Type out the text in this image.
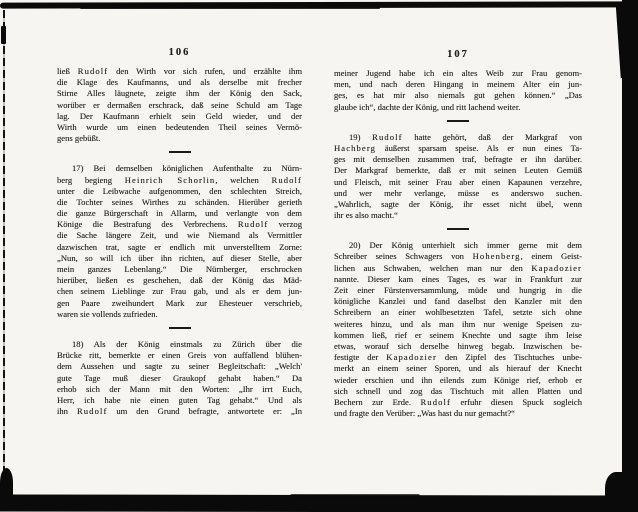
106
ließ Rudolf den Wirth vor sich rufen, und erzählte ihm
die Klage des Kaufmanns, und als derselbe mit frecher
Stirne Alles läugnete, zeigte ihm der König den Sack,
worüber er dermaßen erschrack, daß seine Schuld am Tage
lag. Der Kaufmann erhielt sein Geld wieder, und der
Wirth wurde um einen bedeutenden Theil seines Vermö-
gens gebüßt.
17) Bei demselben königlichen Aufenthalte zu Nürn-
berg begieng Heinrich Schorlin, welchen Rudolf
unter die Leibwache aufgenommen, den schlechten Streich,
die Tochter seines Wirthes zu schänden. Hierüber gerieth
die ganze Bürgerschaft in Allarm, und verlangte von dem
Könige die Bestrafung des Verbrechens. Rudolf verzog
die Sache längere Zeit, und wie Niemand als Vermittler
dazwischen trat, sagte er endlich mit unverstelltem Zorne:
„Nun, so will ich über ihn richten, auf dieser Stelle, aber
mein ganzes Lebenlang.“ Die Nürnberger, erschrocken
hierüber, ließen es geschehen, daß der König das Mäd-
chen seinem Lieblinge zur Frau gab, und als er dem jun-
gen Paare zweihundert Mark zur Ehesteuer verschrieb,
waren sie vollends zufrieden.
18) Als der König einstmals zu Zürich über die
Brücke ritt, bemerkte er einen Greis von auffallend blühen-
dem Aussehen und sagte zu seiner Begleitschaft: „Welch'
gute Tage muß dieser Graukopf gehabt haben.“ Da
erhob sich der Mann mit den Worten: „Ihr irrt Euch,
Herr, ich habe nie einen guten Tag gehabt.“ Und als
ihn Rudolf um den Grund befragte, antwortete er: „In
107
meiner Jugend habe ich ein altes Weib zur Frau genom-
men, und nach deren Hingang in meinem Alter ein jun-
ges, es hat mir also niemals gut gehen können.“ „Das
glaube ich“, dachte der König, und ritt lachend weiter.
19) Rudolf hatte gehört, daß der Markgraf von
Hachberg äußerst sparsam speise. Als er nun eines Ta-
ges mit demselben zusammen traf, befragte er ihn darüber.
Der Markgraf bemerkte, daß er mit seinen Leuten Gemüß
und Fleisch, mit seiner Frau aber einen Kapaunen verzehre,
und wer mehr verlange, müsse es anderswo suchen.
„Wahrlich, sagte der König, ihr esset nicht übel, wenn
ihr es also macht.“
20) Der König unterhielt sich immer gerne mit dem
Schreiber seines Schwagers von Hohenberg, einem Geist-
lichen aus Schwaben, welchen man nur den Kapadozier
nannte. Dieser kam eines Tages, es war in Frankfurt zur
Zeit einer Fürstenversammlung, müde und hungrig in die
königliche Kanzlei und fand daselbst den Kanzler mit den
Schreibern an einer wohlbesetzten Tafel, setzte sich ohne
weiteres hinzu, und als man ihm nur wenige Speisen zu-
kommen ließ, rief er seinem Knechte und sagte ihm leise
etwas, worauf sich derselbe hinweg begab. Inzwischen be-
festigte der Kapadozier den Zipfel des Tischtuches unbe-
merkt an einem seiner Sporen, und als hierauf der Knecht
wieder erschien und ihn eilends zum Könige rief, erhob er
sich schnell und zog das Tischtuch mit allen Platten und
Bechern zur Erde. Rudolf erfuhr diesen Spuck sogleich
und fragte den Verüber: „Was hast du nur gemacht?“
